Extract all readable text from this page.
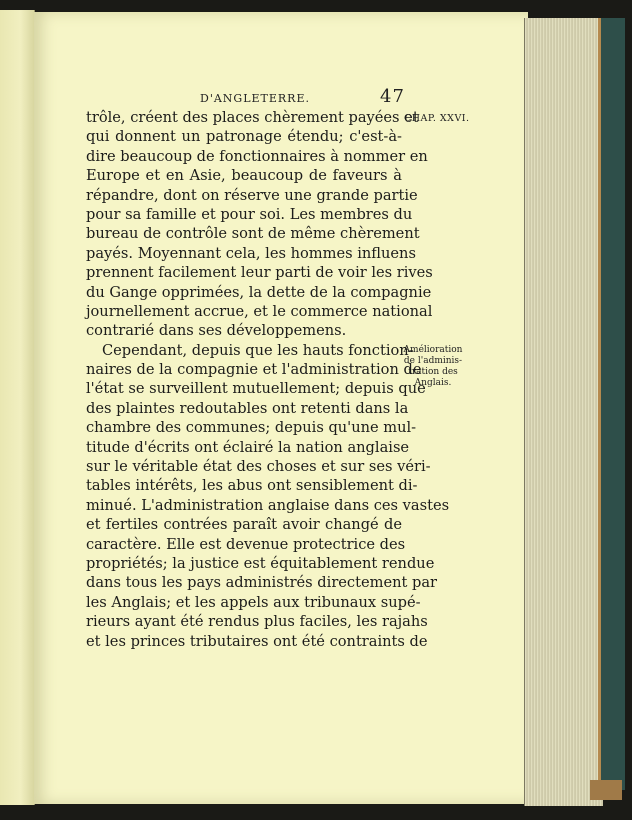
D'ANGLETERRE.	47
CHAP. XXVI.
Amélioration
de l'adminis-
tration des
Anglais.

trôle, créent des places chèrement payées et
qui donnent un patronage étendu; c'est-à-
dire beaucoup de fonctionnaires à nommer en
Europe et en Asie, beaucoup de faveurs à
répandre, dont on réserve une grande partie
pour sa famille et pour soi. Les membres du
bureau de contrôle sont de même chèrement
payés. Moyennant cela, les hommes influens
prennent facilement leur parti de voir les rives
du Gange opprimées, la dette de la compagnie
journellement accrue, et le commerce national
contrarié dans ses développemens.

Cependant, depuis que les hauts fonction-
naires de la compagnie et l'administration de
l'état se surveillent mutuellement; depuis que
des plaintes redoutables ont retenti dans la
chambre des communes; depuis qu'une mul-
titude d'écrits ont éclairé la nation anglaise
sur le véritable état des choses et sur ses véri-
tables intérêts, les abus ont sensiblement di-
minué. L'administration anglaise dans ces vastes
et fertiles contrées paraît avoir changé de
caractère. Elle est devenue protectrice des
propriétés; la justice est équitablement rendue
dans tous les pays administrés directement par
les Anglais; et les appels aux tribunaux supé-
rieurs ayant été rendus plus faciles, les rajahs
et les princes tributaires ont été contraints de
